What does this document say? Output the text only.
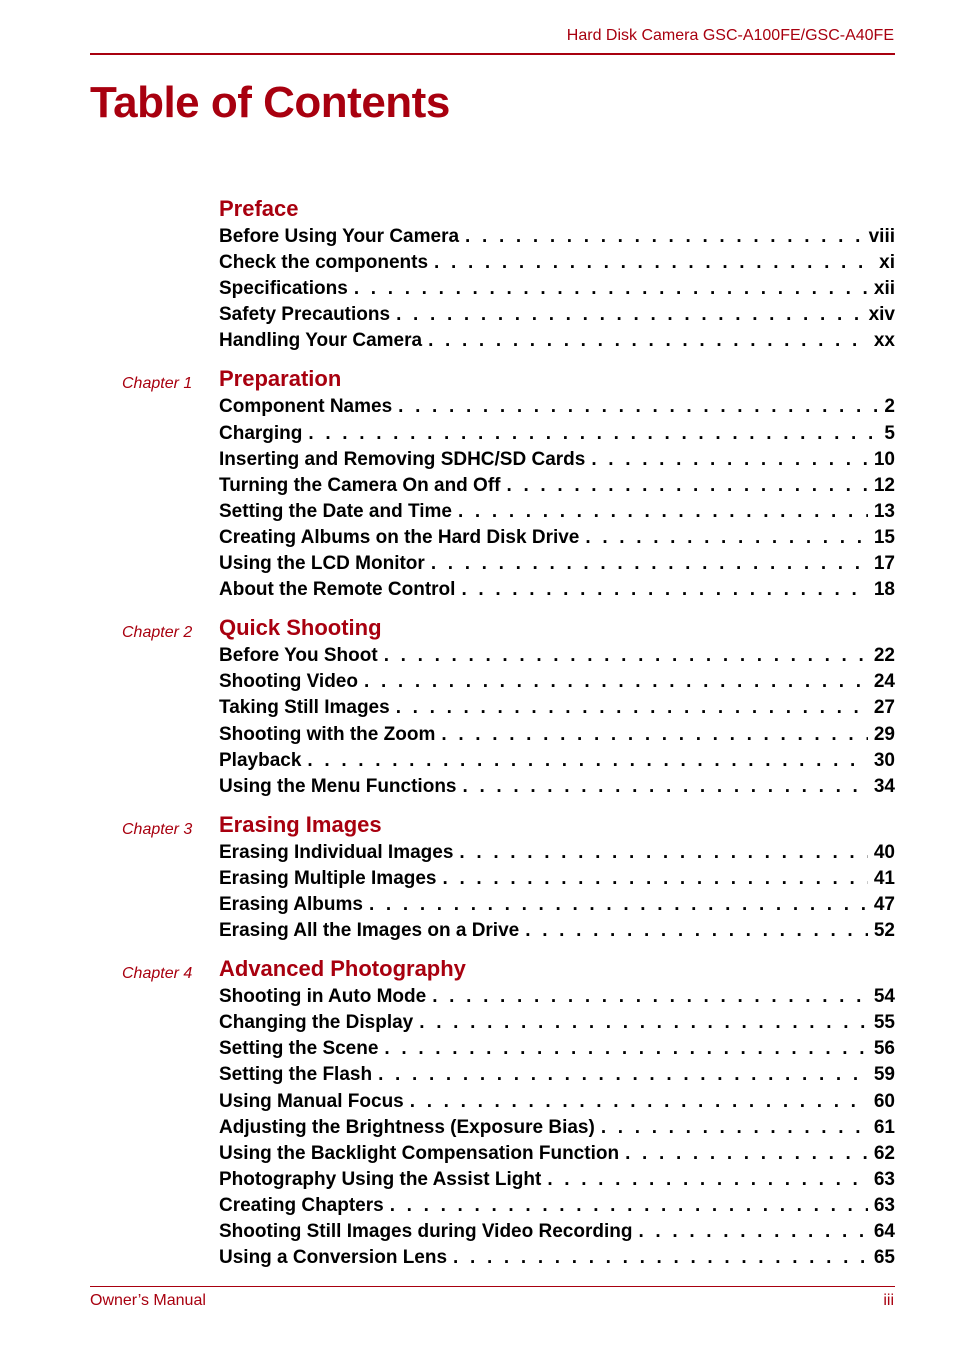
Hard Disk Camera GSC-A100FE/GSC-A40FE
Table of Contents
Preface
Before Using Your Camera . . .	viii
Check the components . . .	xi
Specifications . . .	xii
Safety Precautions . . .	xiv
Handling Your Camera . . .	xx
Chapter 1 Preparation
Component Names . . .	2
Charging . . .	5
Inserting and Removing SDHC/SD Cards . . .	10
Turning the Camera On and Off . . .	12
Setting the Date and Time . . .	13
Creating Albums on the Hard Disk Drive . . .	15
Using the LCD Monitor . . .	17
About the Remote Control . . .	18
Chapter 2 Quick Shooting
Before You Shoot . . .	22
Shooting Video . . .	24
Taking Still Images . . .	27
Shooting with the Zoom . . .	29
Playback . . .	30
Using the Menu Functions . . .	34
Chapter 3 Erasing Images
Erasing Individual Images . . .	40
Erasing Multiple Images . . .	41
Erasing Albums . . .	47
Erasing All the Images on a Drive . . .	52
Chapter 4 Advanced Photography
Shooting in Auto Mode . . .	54
Changing the Display . . .	55
Setting the Scene . . .	56
Setting the Flash . . .	59
Using Manual Focus . . .	60
Adjusting the Brightness (Exposure Bias) . . .	61
Using the Backlight Compensation Function . . .	62
Photography Using the Assist Light . . .	63
Creating Chapters . . .	63
Shooting Still Images during Video Recording . . .	64
Using a Conversion Lens . . .	65
Owner’s Manual	iii
